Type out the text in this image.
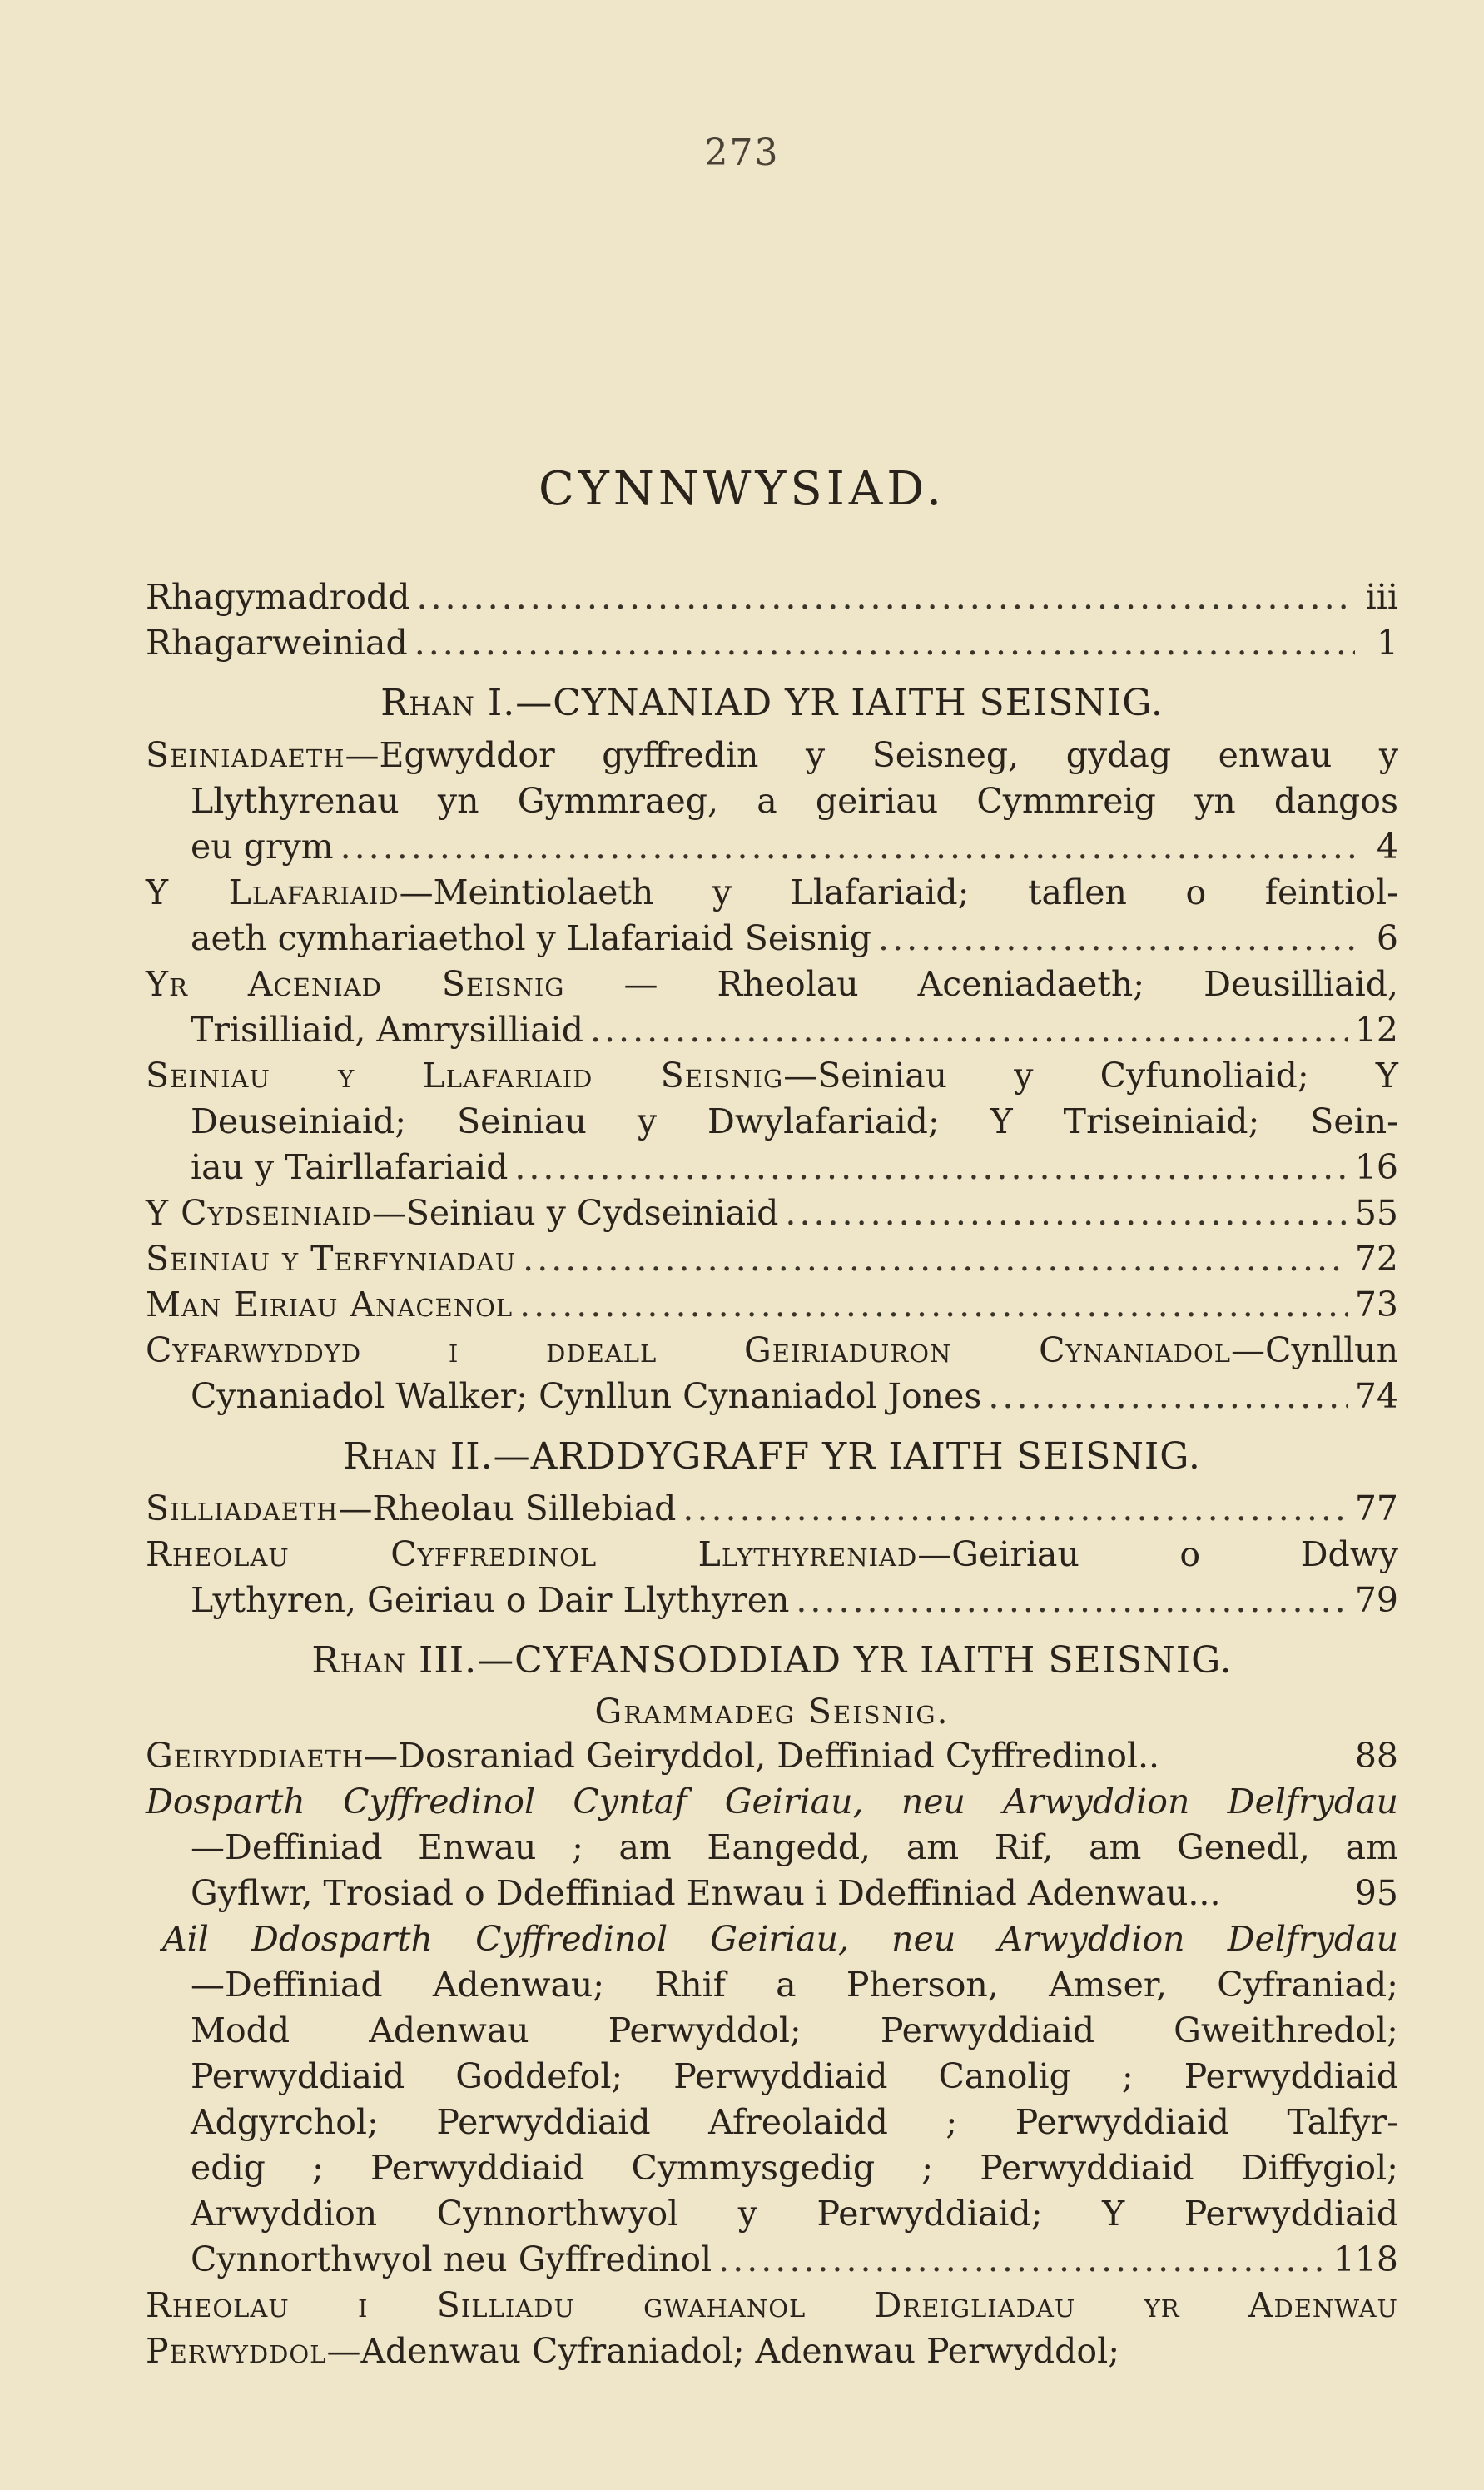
273
CYNNWYSIAD.
Rhagymadrodd .....	iii
Rhagarweiniad .....	1
Rhan I.—CYNANIAD YR IAITH SEISNIG.
Seiniadaeth—Egwyddor gyffredin y Seisneg, gydag enwau y
Llythyrenau yn Gymmraeg, a geiriau Cymmreig yn dangos
eu grym .....	4
Y Llafariaid—Meintiolaeth y Llafariaid; taflen o feintiol-
aeth cymhariaethol y Llafariaid Seisnig .....	6
Yr Aceniad Seisnig — Rheolau Aceniadaeth; Deusilliaid,
Trisilliaid, Amrysilliaid .....	12
Seiniau y Llafariaid Seisnig—Seiniau y Cyfunoliaid; Y
Deuseiniaid; Seiniau y Dwylafariaid; Y Triseiniaid; Sein-
iau y Tairllafariaid .....	16
Y Cydseiniaid —Seiniau y Cydseiniaid .....	55
Seiniau y Terfyniadau .....	72
Man Eiriau Anacenol .....	73
Cyfarwyddyd i ddeall Geiriaduron Cynaniadol—Cynllun
Cynaniadol Walker; Cynllun Cynaniadol Jones .....	74
Rhan II.—ARDDYGRAFF YR IAITH SEISNIG.
Silliadaeth —Rheolau Sillebiad .....	77
Rheolau Cyffredinol Llythyreniad—Geiriau o Ddwy
Lythyren, Geiriau o Dair Llythyren .....	79
Rhan III.—CYFANSODDIAD YR IAITH SEISNIG.
Grammadeg Seisnig.
Geiryddiaeth —Dosraniad Geiryddol, Deffiniad Cyffredinol..	88
Dosparth Cyffredinol Cyntaf Geiriau, neu Arwyddion Delfrydau
—Deffiniad Enwau ; am Eangedd, am Rif, am Genedl, am
Gyflwr, Trosiad o Ddeffiniad Enwau i Ddeffiniad Adenwau...	95
Ail Ddosparth Cyffredinol Geiriau, neu Arwyddion Delfrydau
—Deffiniad Adenwau; Rhif a Pherson, Amser, Cyfraniad;
Modd Adenwau Perwyddol; Perwyddiaid Gweithredol;
Perwyddiaid Goddefol; Perwyddiaid Canolig ; Perwyddiaid
Adgyrchol; Perwyddiaid Afreolaidd ; Perwyddiaid Talfyr-
edig ; Perwyddiaid Cymmysgedig ; Perwyddiaid Diffygiol;
Arwyddion Cynnorthwyol y Perwyddiaid; Y Perwyddiaid
Cynnorthwyol neu Gyffredinol .....	118
Rheolau i Silliadu gwahanol Dreigliadau yr Adenwau
Perwyddol —Adenwau Cyfraniadol; Adenwau Perwyddol;
